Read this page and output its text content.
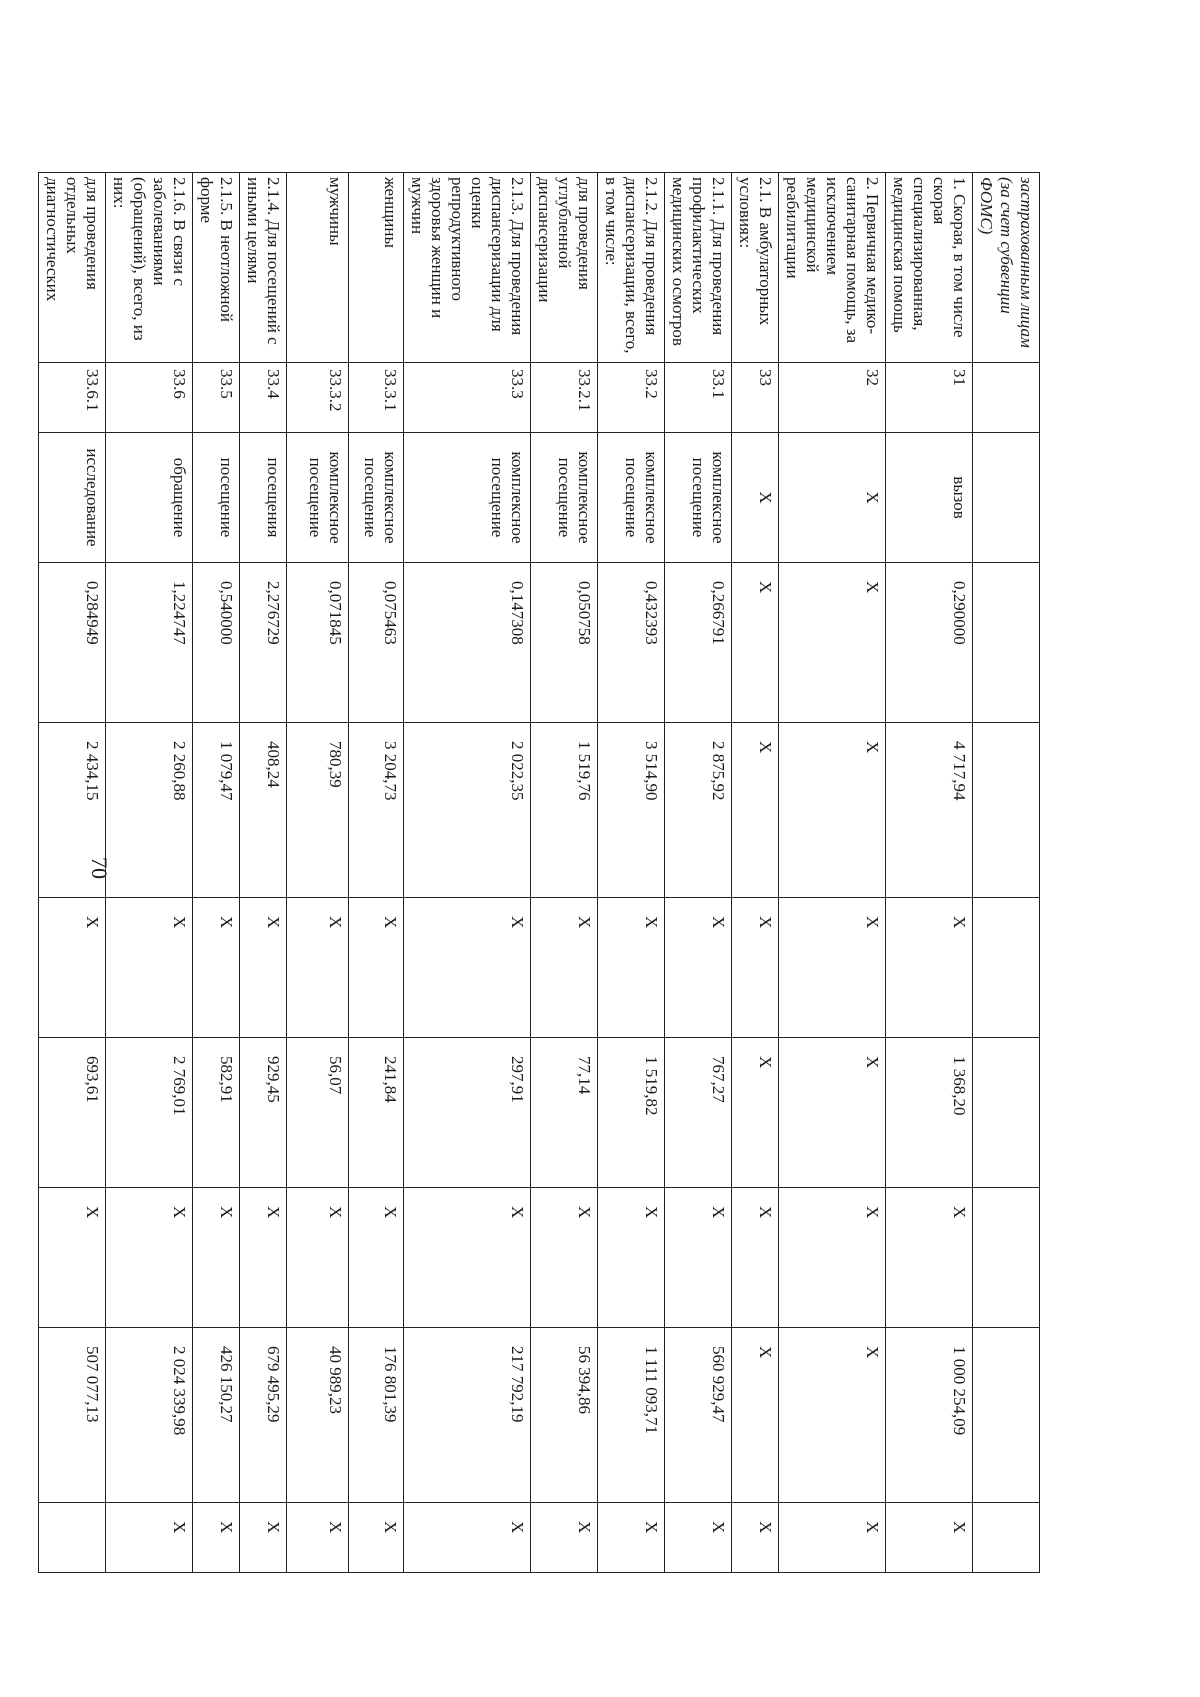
70
застрахованным лицам (за счет субвенции ФОМС)									
1. Скорая, в том числе скорая специализированная, медицинская помощь	31	вызов	0,290000	4 717,94	X	1 368,20	X	1 000 254,09	X
2. Первичная медико-санитарная помощь, за исключением медицинской реабилитации	32	X	X	X	X	X	X	X	X
2.1. В амбулаторных условиях:	33	X	X	X	X	X	X	X	X
2.1.1. Для проведения профилактических медицинских осмотров	33.1	комплексное посещение	0,266791	2 875,92	X	767,27	X	560 929,47	X
2.1.2. Для проведения диспансеризации, всего, в том числе:	33.2	комплексное посещение	0,432393	3 514,90	X	1 519,82	X	1 111 093,71	X
для проведения углубленной диспансеризации	33.2.1	комплексное посещение	0,050758	1 519,76	X	77,14	X	56 394,86	X
2.1.3. Для проведения диспансеризации для оценки репродуктивного здоровья женщин и мужчин	33.3	комплексное посещение	0,147308	2 022,35	X	297,91	X	217 792,19	X
женщины	33.3.1	комплексное посещение	0,075463	3 204,73	X	241,84	X	176 801,39	X
мужчины	33.3.2	комплексное посещение	0,071845	780,39	X	56,07	X	40 989,23	X
2.1.4. Для посещений с иными целями	33.4	посещения	2,276729	408,24	X	929,45	X	679 495,29	X
2.1.5. В неотложной форме	33.5	посещение	0,540000	1 079,47	X	582,91	X	426 150,27	X
2.1.6. В связи с заболеваниями (обращений), всего, из них:	33.6	обращение	1,224747	2 260,88	X	2 769,01	X	2 024 339,98	X
для проведения отдельных диагностических	33.6.1	исследование	0,284949	2 434,15	X	693,61	X	507 077,13	
